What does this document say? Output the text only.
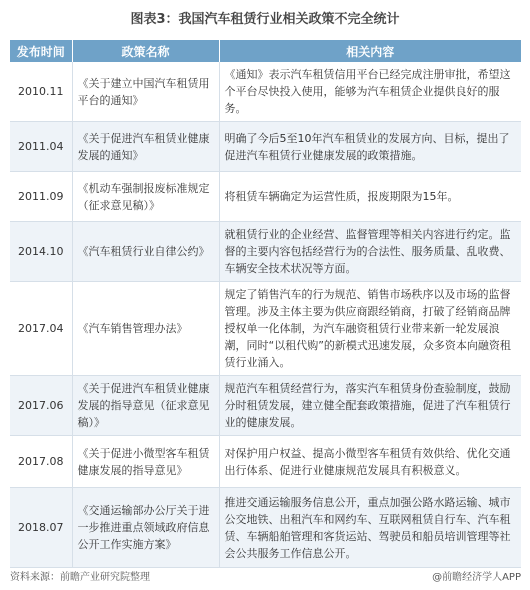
图表3：我国汽车租赁行业相关政策不完全统计
发布时间	政策名称	相关内容
2010.11	《关于建立中国汽车租赁用平台的通知》	《通知》表示汽车租赁信用平台已经完成注册审批，希望这个平台尽快投入使用，能够为汽车租赁企业提供良好的服务。
2011.04	《关于促进汽车租赁业健康发展的通知》	明确了今后5至10年汽车租赁业的发展方向、目标，提出了促进汽车租赁行业健康发展的政策措施。
2011.09	《机动车强制报废标准规定（征求意见稿）》	将租赁车辆确定为运营性质，报废期限为15年。
2014.10	《汽车租赁行业自律公约》	就租赁行业的企业经营、监督管理等相关内容进行约定。监督的主要内容包括经营行为的合法性、服务质量、乱收费、车辆安全技术状况等方面。
2017.04	《汽车销售管理办法》	规定了销售汽车的行为规范、销售市场秩序以及市场的监督管理。涉及主体主要为供应商跟经销商，打破了经销商品牌授权单一化体制，为汽车融资租赁行业带来新一轮发展浪潮，同时“以租代购”的新模式迅速发展，众多资本向融资租赁行业涌入。
2017.06	《关于促进汽车租赁业健康发展的指导意见（征求意见稿）》	规范汽车租赁经营行为，落实汽车租赁身份查验制度，鼓励分时租赁发展，建立健全配套政策措施，促进了汽车租赁行业的健康发展。
2017.08	《关于促进小微型客车租赁健康发展的指导意见》	对保护用户权益、提高小微型客车租赁有效供给、优化交通出行体系、促进行业健康规范发展具有积极意义。
2018.07	《交通运输部办公厅关于进一步推进重点领域政府信息公开工作实施方案》	推进交通运输服务信息公开，重点加强公路水路运输、城市公交地铁、出租汽车和网约车、互联网租赁自行车、汽车租赁、车辆船舶管理和客货运站、驾驶员和船员培训管理等社会公共服务工作信息公开。
资料来源：前瞻产业研究院整理	@前瞻经济学人APP
